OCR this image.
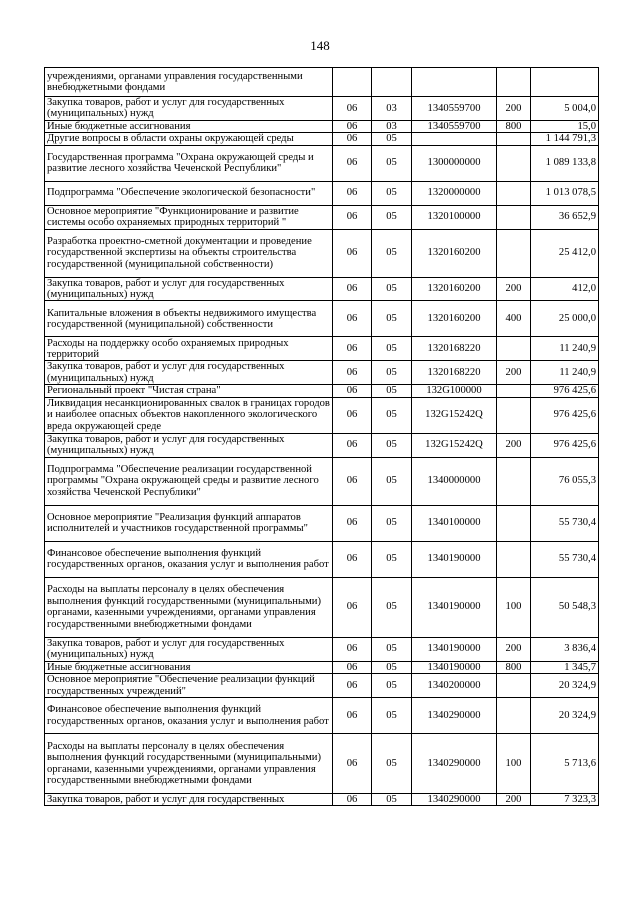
148
учреждениями, органами управления государственными внебюджетными фондами					
Закупка товаров, работ и услуг для государственных (муниципальных) нужд	06	03	1340559700	200	5 004,0
Иные бюджетные ассигнования	06	03	1340559700	800	15,0
Другие вопросы в области охраны окружающей среды	06	05			1 144 791,3
Государственная программа "Охрана окружающей среды и развитие лесного хозяйства Чеченской Республики"	06	05	1300000000		1 089 133,8
Подпрограмма "Обеспечение экологической безопасности"	06	05	1320000000		1 013 078,5
Основное мероприятие "Функционирование и развитие системы особо охраняемых природных территорий "	06	05	1320100000		36 652,9
Разработка проектно-сметной документации и проведение государственной экспертизы на объекты строительства государственной (муниципальной собственности)	06	05	1320160200		25 412,0
Закупка товаров, работ и услуг для государственных (муниципальных) нужд	06	05	1320160200	200	412,0
Капитальные вложения в объекты недвижимого имущества государственной (муниципальной) собственности	06	05	1320160200	400	25 000,0
Расходы на поддержку особо охраняемых природных территорий	06	05	1320168220		11 240,9
Закупка товаров, работ и услуг для государственных (муниципальных) нужд	06	05	1320168220	200	11 240,9
Региональный проект "Чистая страна"	06	05	132G100000		976 425,6
Ликвидация несанкционированных свалок в границах городов и наиболее опасных объектов накопленного экологического вреда окружающей среде	06	05	132G15242Q		976 425,6
Закупка товаров, работ и услуг для государственных (муниципальных) нужд	06	05	132G15242Q	200	976 425,6
Подпрограмма "Обеспечение реализации государственной программы "Охрана окружающей среды и развитие лесного хозяйства Чеченской Республики"	06	05	1340000000		76 055,3
Основное мероприятие "Реализация функций аппаратов исполнителей и участников государственной программы"	06	05	1340100000		55 730,4
Финансовое обеспечение выполнения функций государственных органов, оказания услуг и выполнения работ	06	05	1340190000		55 730,4
Расходы на выплаты персоналу в целях обеспечения выполнения функций государственными (муниципальными) органами, казенными учреждениями, органами управления государственными внебюджетными фондами	06	05	1340190000	100	50 548,3
Закупка товаров, работ и услуг для государственных (муниципальных) нужд	06	05	1340190000	200	3 836,4
Иные бюджетные ассигнования	06	05	1340190000	800	1 345,7
Основное мероприятие "Обеспечение реализации функций государственных учреждений"	06	05	1340200000		20 324,9
Финансовое обеспечение выполнения функций государственных органов, оказания услуг и выполнения работ	06	05	1340290000		20 324,9
Расходы на выплаты персоналу в целях обеспечения выполнения функций государственными (муниципальными) органами, казенными учреждениями, органами управления государственными внебюджетными фондами	06	05	1340290000	100	5 713,6
Закупка товаров, работ и услуг для государственных	06	05	1340290000	200	7 323,3
